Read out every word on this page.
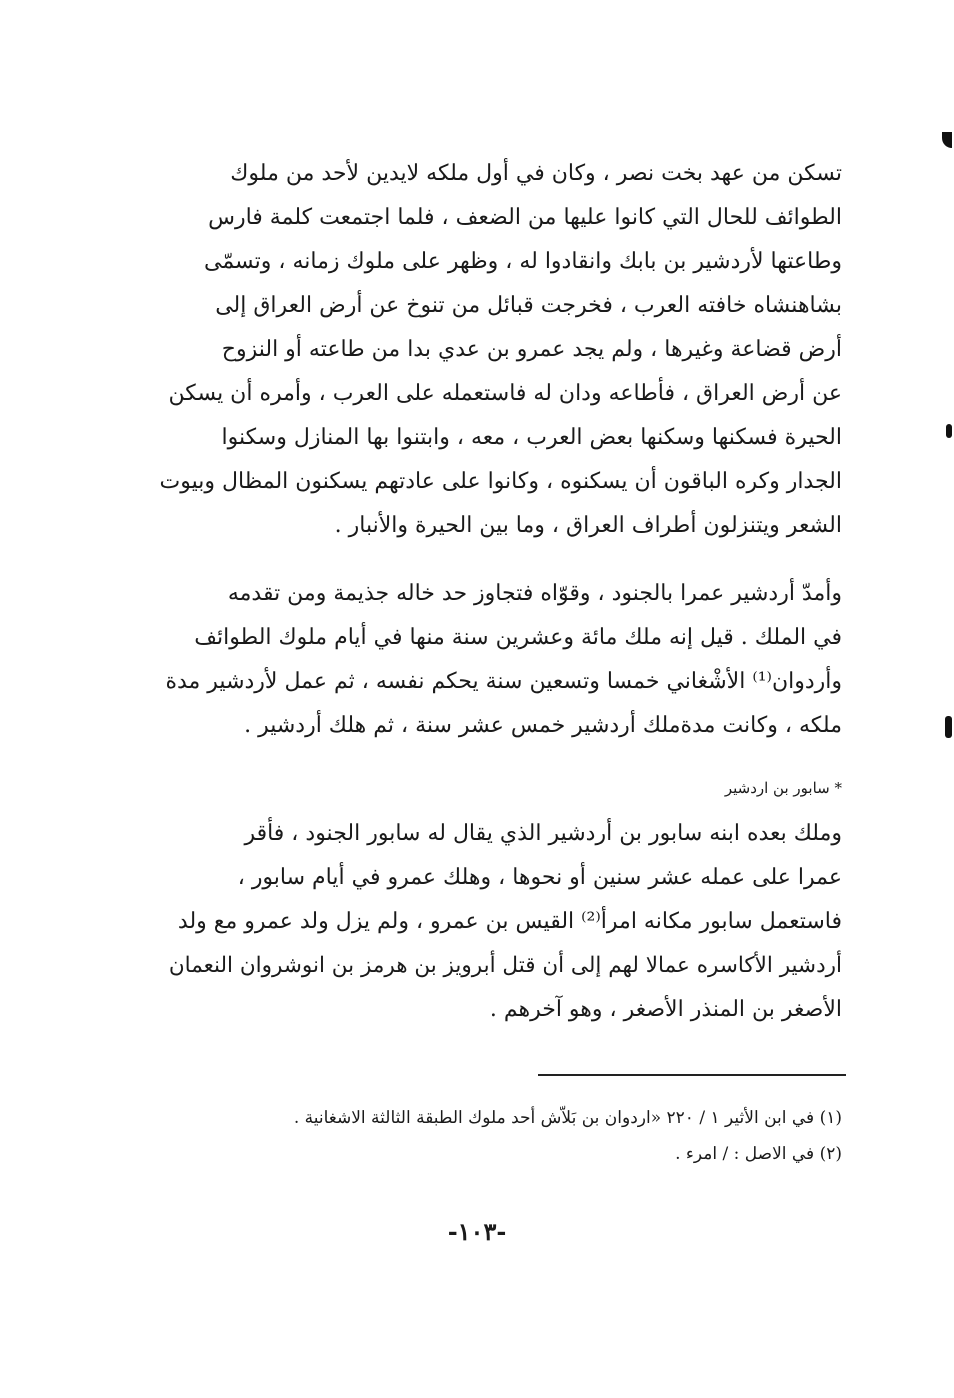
تسكن من عهد بخت نصر ، وكان في أول ملكه لايدين لأحد من ملوك
الطوائف للحال التي كانوا عليها من الضعف ، فلما اجتمعت كلمة فارس
وطاعتها لأردشير بن بابك وانقادوا له ، وظهر على ملوك زمانه ، وتسمّى
بشاهنشاه خافته العرب ، فخرجت قبائل من تنوخ عن أرض العراق إلى
أرض قضاعة وغيرها ، ولم يجد عمرو بن عدي بدا من طاعته أو النزوح
عن أرض العراق ، فأطاعه ودان له فاستعمله على العرب ، وأمره أن يسكن
الحيرة فسكنها وسكنها بعض العرب ، معه ، وابتنوا بها المنازل وسكنوا
الجدار وكره الباقون أن يسكنوه ، وكانوا على عادتهم يسكنون المظال وبيوت
الشعر ويتنزلون أطراف العراق ، وما بين الحيرة والأنبار .
وأمدّ أردشير عمرا بالجنود ، وقوّاه فتجاوز حد خاله جذيمة ومن تقدمه
في الملك . قيل إنه ملك مائة وعشرين سنة منها في أيام ملوك الطوائف
وأردوان⁽¹⁾ الأشْغاني خمسا وتسعين سنة يحكم نفسه ، ثم عمل لأردشير مدة
ملكه ، وكانت مدةملك أردشير خمس عشر سنة ، ثم هلك أردشير .
* سابور بن اردشير
وملك بعده ابنه سابور بن أردشير الذي يقال له سابور الجنود ، فأقر
عمرا على عمله عشر سنين أو نحوها ، وهلك عمرو في أيام سابور ،
فاستعمل سابور مكانه امرأ⁽²⁾ القيس بن عمرو ، ولم يزل ولد عمرو مع ولد
أردشير الأكاسره عمالا لهم إلى أن قتل أبرويز بن هرمز بن انوشروان النعمان
الأصغر بن المنذر الأصغر ، وهو آخرهم .
(١) في ابن الأثير ١ / ٢٢٠ «اردوان بن بَلاّش أحد ملوك الطبقة الثالثة الاشغانية .
(٢) في الاصل : / امرء .
-١٠٣-
